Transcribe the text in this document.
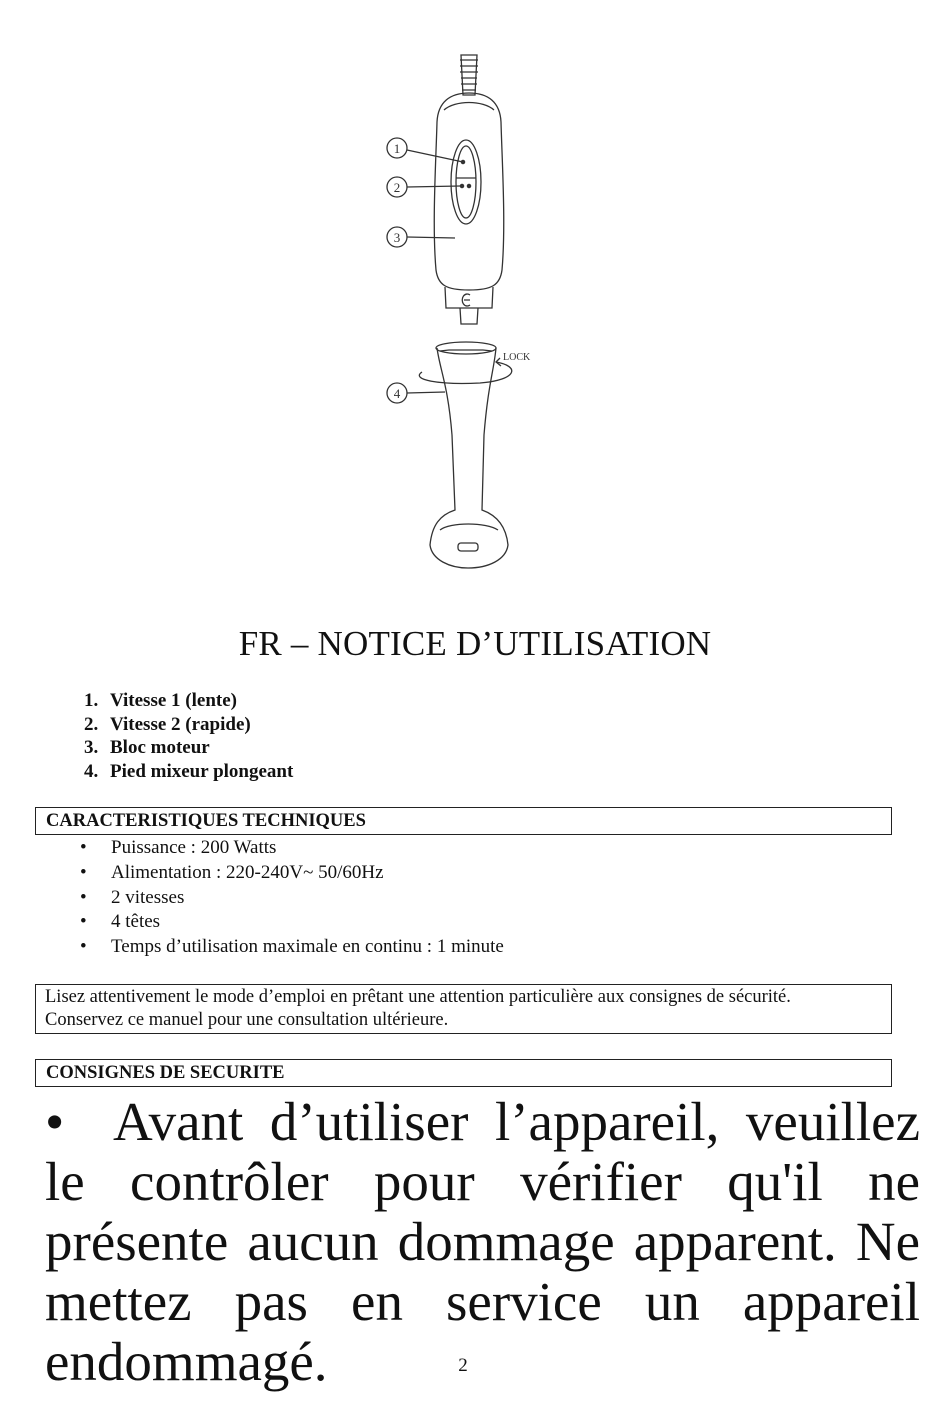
1
2
3
LOCK
4
FR – NOTICE D’UTILISATION
1. Vitesse 1 (lente)
2. Vitesse 2 (rapide)
3. Bloc moteur
4. Pied mixeur plongeant
CARACTERISTIQUES TECHNIQUES
•	Puissance : 200 Watts
•	Alimentation : 220-240V~ 50/60Hz
•	2 vitesses
•	4 têtes
•	Temps d’utilisation maximale en continu : 1 minute
Lisez attentivement le mode d’emploi en prêtant une attention particulière aux consignes de sécurité.
Conservez ce manuel pour une consultation ultérieure.
CONSIGNES DE SECURITE

• Avant d’utiliser l’appareil, veuillez le contrôler pour vérifier qu'il ne présente aucun dommage apparent. Ne mettez pas en service un appareil endommagé.	2
